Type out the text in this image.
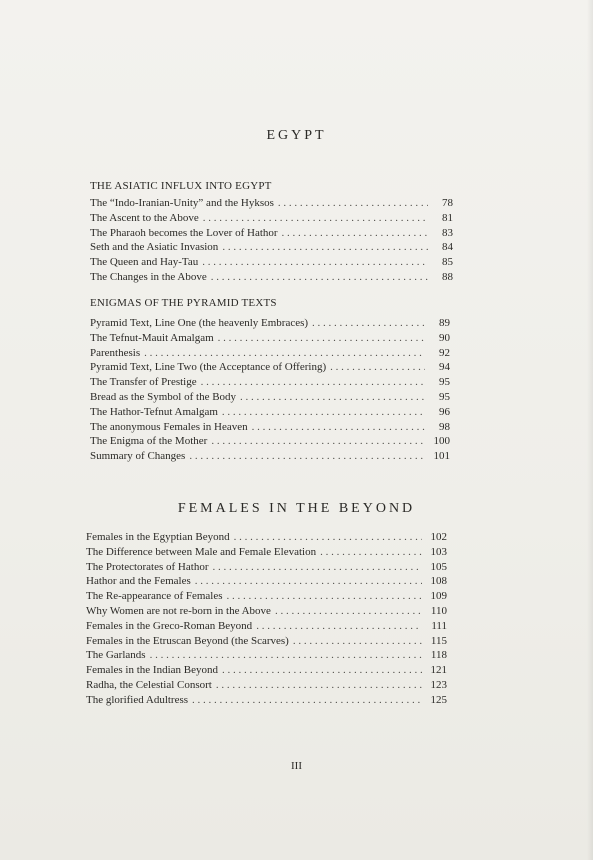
EGYPT
THE ASIATIC INFLUX INTO EGYPT
The “Indo-Iranian-Unity” and the Hyksos . . .	78
The Ascent to the Above . . .	81
The Pharaoh becomes the Lover of Hathor . . .	83
Seth and the Asiatic Invasion . . .	84
The Queen and Hay-Tau . . .	85
The Changes in the Above . . .	88
ENIGMAS OF THE PYRAMID TEXTS
Pyramid Text, Line One (the heavenly Embraces) . . .	89
The Tefnut-Mauit Amalgam . . .	90
Parenthesis . . .	92
Pyramid Text, Line Two (the Acceptance of Offering) . . .	94
The Transfer of Prestige . . .	95
Bread as the Symbol of the Body . . .	95
The Hathor-Tefnut Amalgam . . .	96
The anonymous Females in Heaven . . .	98
The Enigma of the Mother . . .	100
Summary of Changes . . .	101
FEMALES IN THE BEYOND
Females in the Egyptian Beyond . . .	102
The Difference between Male and Female Elevation . . .	103
The Protectorates of Hathor . . .	105
Hathor and the Females . . .	108
The Re-appearance of Females . . .	109
Why Women are not re-born in the Above . . .	110
Females in the Greco-Roman Beyond . . .	111
Females in the Etruscan Beyond (the Scarves) . . .	115
The Garlands . . .	118
Females in the Indian Beyond . . .	121
Radha, the Celestial Consort . . .	123
The glorified Adultress . . .	125
III
